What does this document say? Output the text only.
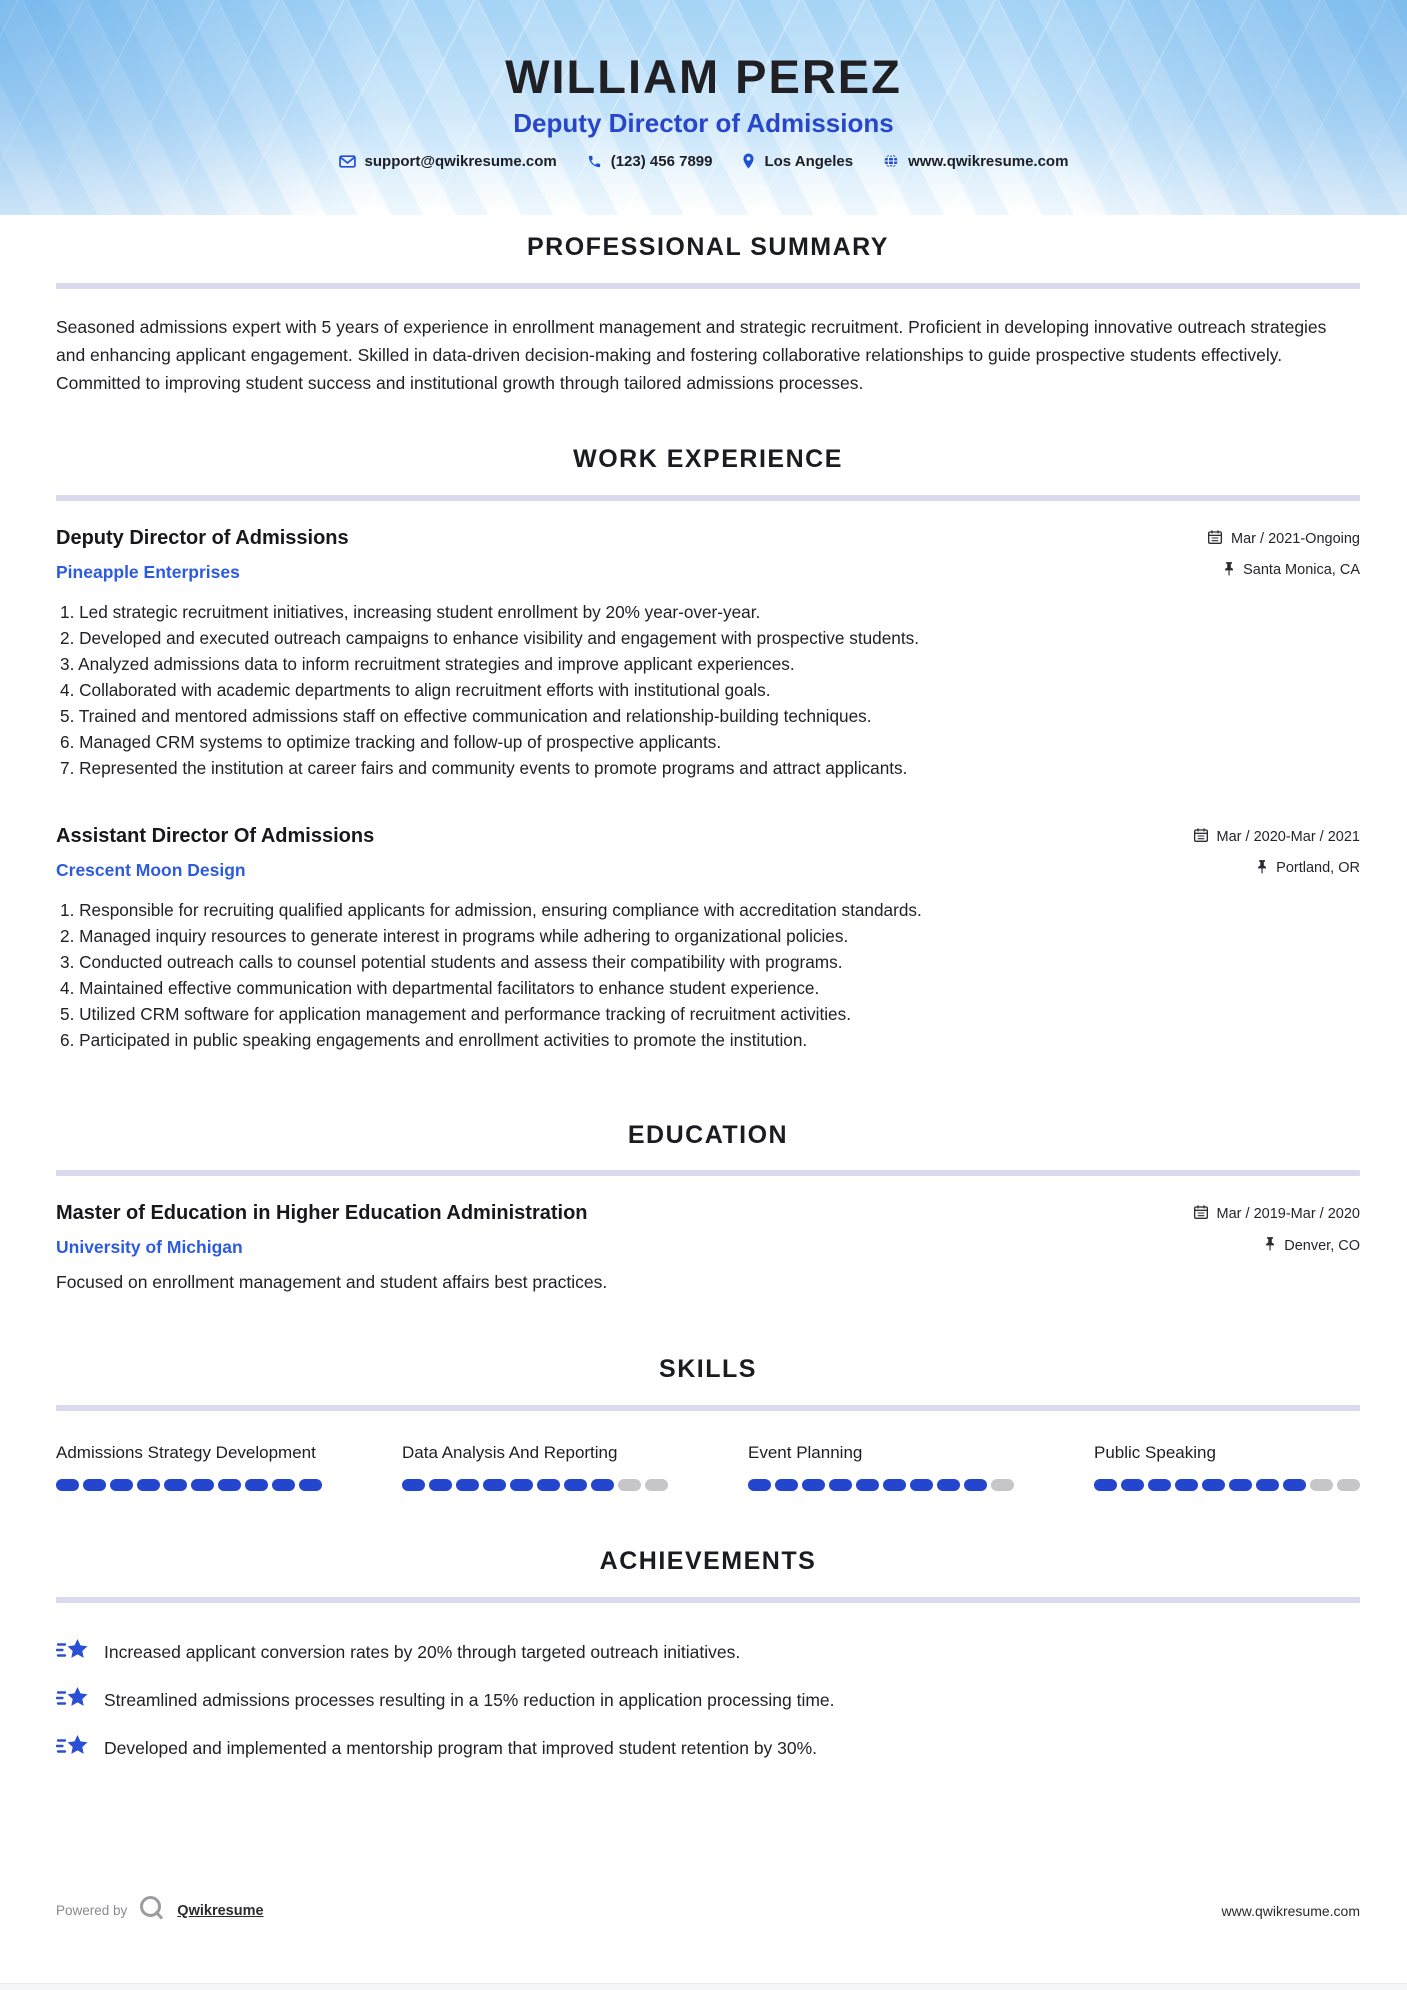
WILLIAM PEREZ
Deputy Director of Admissions
support@qwikresume.com	(123) 456 7899	Los Angeles	www.qwikresume.com
PROFESSIONAL SUMMARY

Seasoned admissions expert with 5 years of experience in enrollment management and strategic recruitment. Proficient in developing innovative outreach strategies and enhancing applicant engagement. Skilled in data-driven decision-making and fostering collaborative relationships to guide prospective students effectively. Committed to improving student success and institutional growth through tailored admissions processes.

WORK EXPERIENCE
Deputy Director of Admissions
Pineapple Enterprises
Mar / 2021-Ongoing
Santa Monica, CA
Led strategic recruitment initiatives, increasing student enrollment by 20% year-over-year.
Developed and executed outreach campaigns to enhance visibility and engagement with prospective students.
Analyzed admissions data to inform recruitment strategies and improve applicant experiences.
Collaborated with academic departments to align recruitment efforts with institutional goals.
Trained and mentored admissions staff on effective communication and relationship-building techniques.
Managed CRM systems to optimize tracking and follow-up of prospective applicants.
Represented the institution at career fairs and community events to promote programs and attract applicants.
Assistant Director Of Admissions
Crescent Moon Design
Mar / 2020-Mar / 2021
Portland, OR
Responsible for recruiting qualified applicants for admission, ensuring compliance with accreditation standards.
Managed inquiry resources to generate interest in programs while adhering to organizational policies.
Conducted outreach calls to counsel potential students and assess their compatibility with programs.
Maintained effective communication with departmental facilitators to enhance student experience.
Utilized CRM software for application management and performance tracking of recruitment activities.
Participated in public speaking engagements and enrollment activities to promote the institution.
EDUCATION
Master of Education in Higher Education Administration
University of Michigan
Mar / 2019-Mar / 2020
Denver, CO

Focused on enrollment management and student affairs best practices.

SKILLS
Admissions Strategy Development	Data Analysis And Reporting	Event Planning	Public Speaking
ACHIEVEMENTS
Increased applicant conversion rates by 20% through targeted outreach initiatives.
Streamlined admissions processes resulting in a 15% reduction in application processing time.
Developed and implemented a mentorship program that improved student retention by 30%.
Powered by	Qwikresume	www.qwikresume.com
